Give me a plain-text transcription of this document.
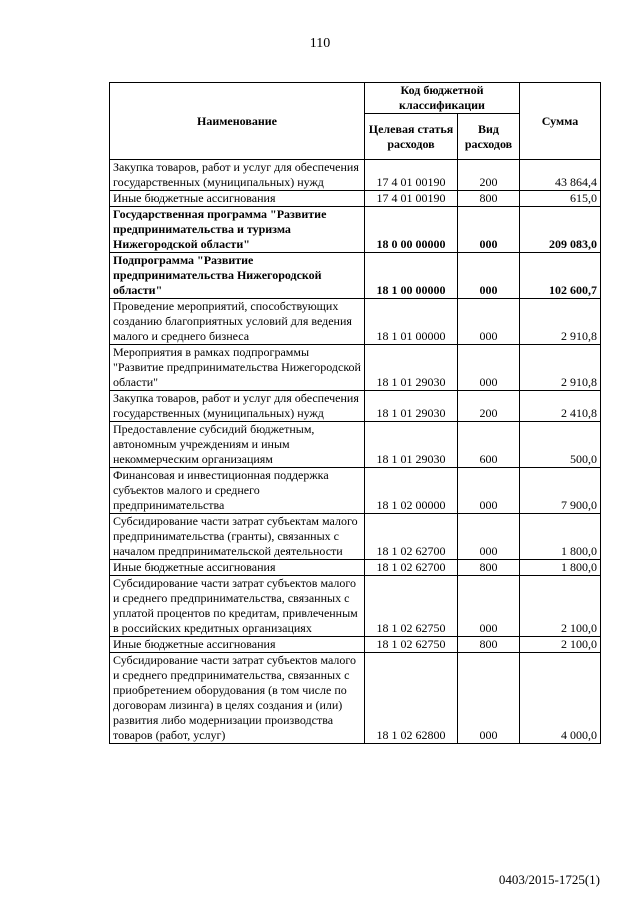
110
Наименование	Код бюджетной классификации		Сумма
	Целевая статья расходов	Вид расходов	
Закупка товаров, работ и услуг для обеспечения государственных (муниципальных) нужд	17 4 01 00190	200	43 864,4
Иные бюджетные ассигнования	17 4 01 00190	800	615,0
Государственная программа "Развитие предпринимательства и туризма Нижегородской области"	18 0 00 00000	000	209 083,0
Подпрограмма "Развитие предпринимательства Нижегородской области"	18 1 00 00000	000	102 600,7
Проведение мероприятий, способствующих созданию благоприятных условий для ведения малого и среднего бизнеса	18 1 01 00000	000	2 910,8
Мероприятия в рамках подпрограммы "Развитие предпринимательства Нижегородской области"	18 1 01 29030	000	2 910,8
Закупка товаров, работ и услуг для обеспечения государственных (муниципальных) нужд	18 1 01 29030	200	2 410,8
Предоставление субсидий бюджетным, автономным учреждениям и иным некоммерческим организациям	18 1 01 29030	600	500,0
Финансовая и инвестиционная поддержка субъектов малого и среднего предпринимательства	18 1 02 00000	000	7 900,0
Субсидирование части затрат субъектам малого предпринимательства (гранты), связанных с началом предпринимательской деятельности	18 1 02 62700	000	1 800,0
Иные бюджетные ассигнования	18 1 02 62700	800	1 800,0
Субсидирование части затрат субъектов малого и среднего предпринимательства, связанных с уплатой процентов по кредитам, привлеченным в российских кредитных организациях	18 1 02 62750	000	2 100,0
Иные бюджетные ассигнования	18 1 02 62750	800	2 100,0
Субсидирование части затрат субъектов малого и среднего предпринимательства, связанных с приобретением оборудования (в том числе по договорам лизинга) в целях создания и (или) развития либо модернизации производства товаров (работ, услуг)	18 1 02 62800	000	4 000,0
0403/2015-1725(1)
